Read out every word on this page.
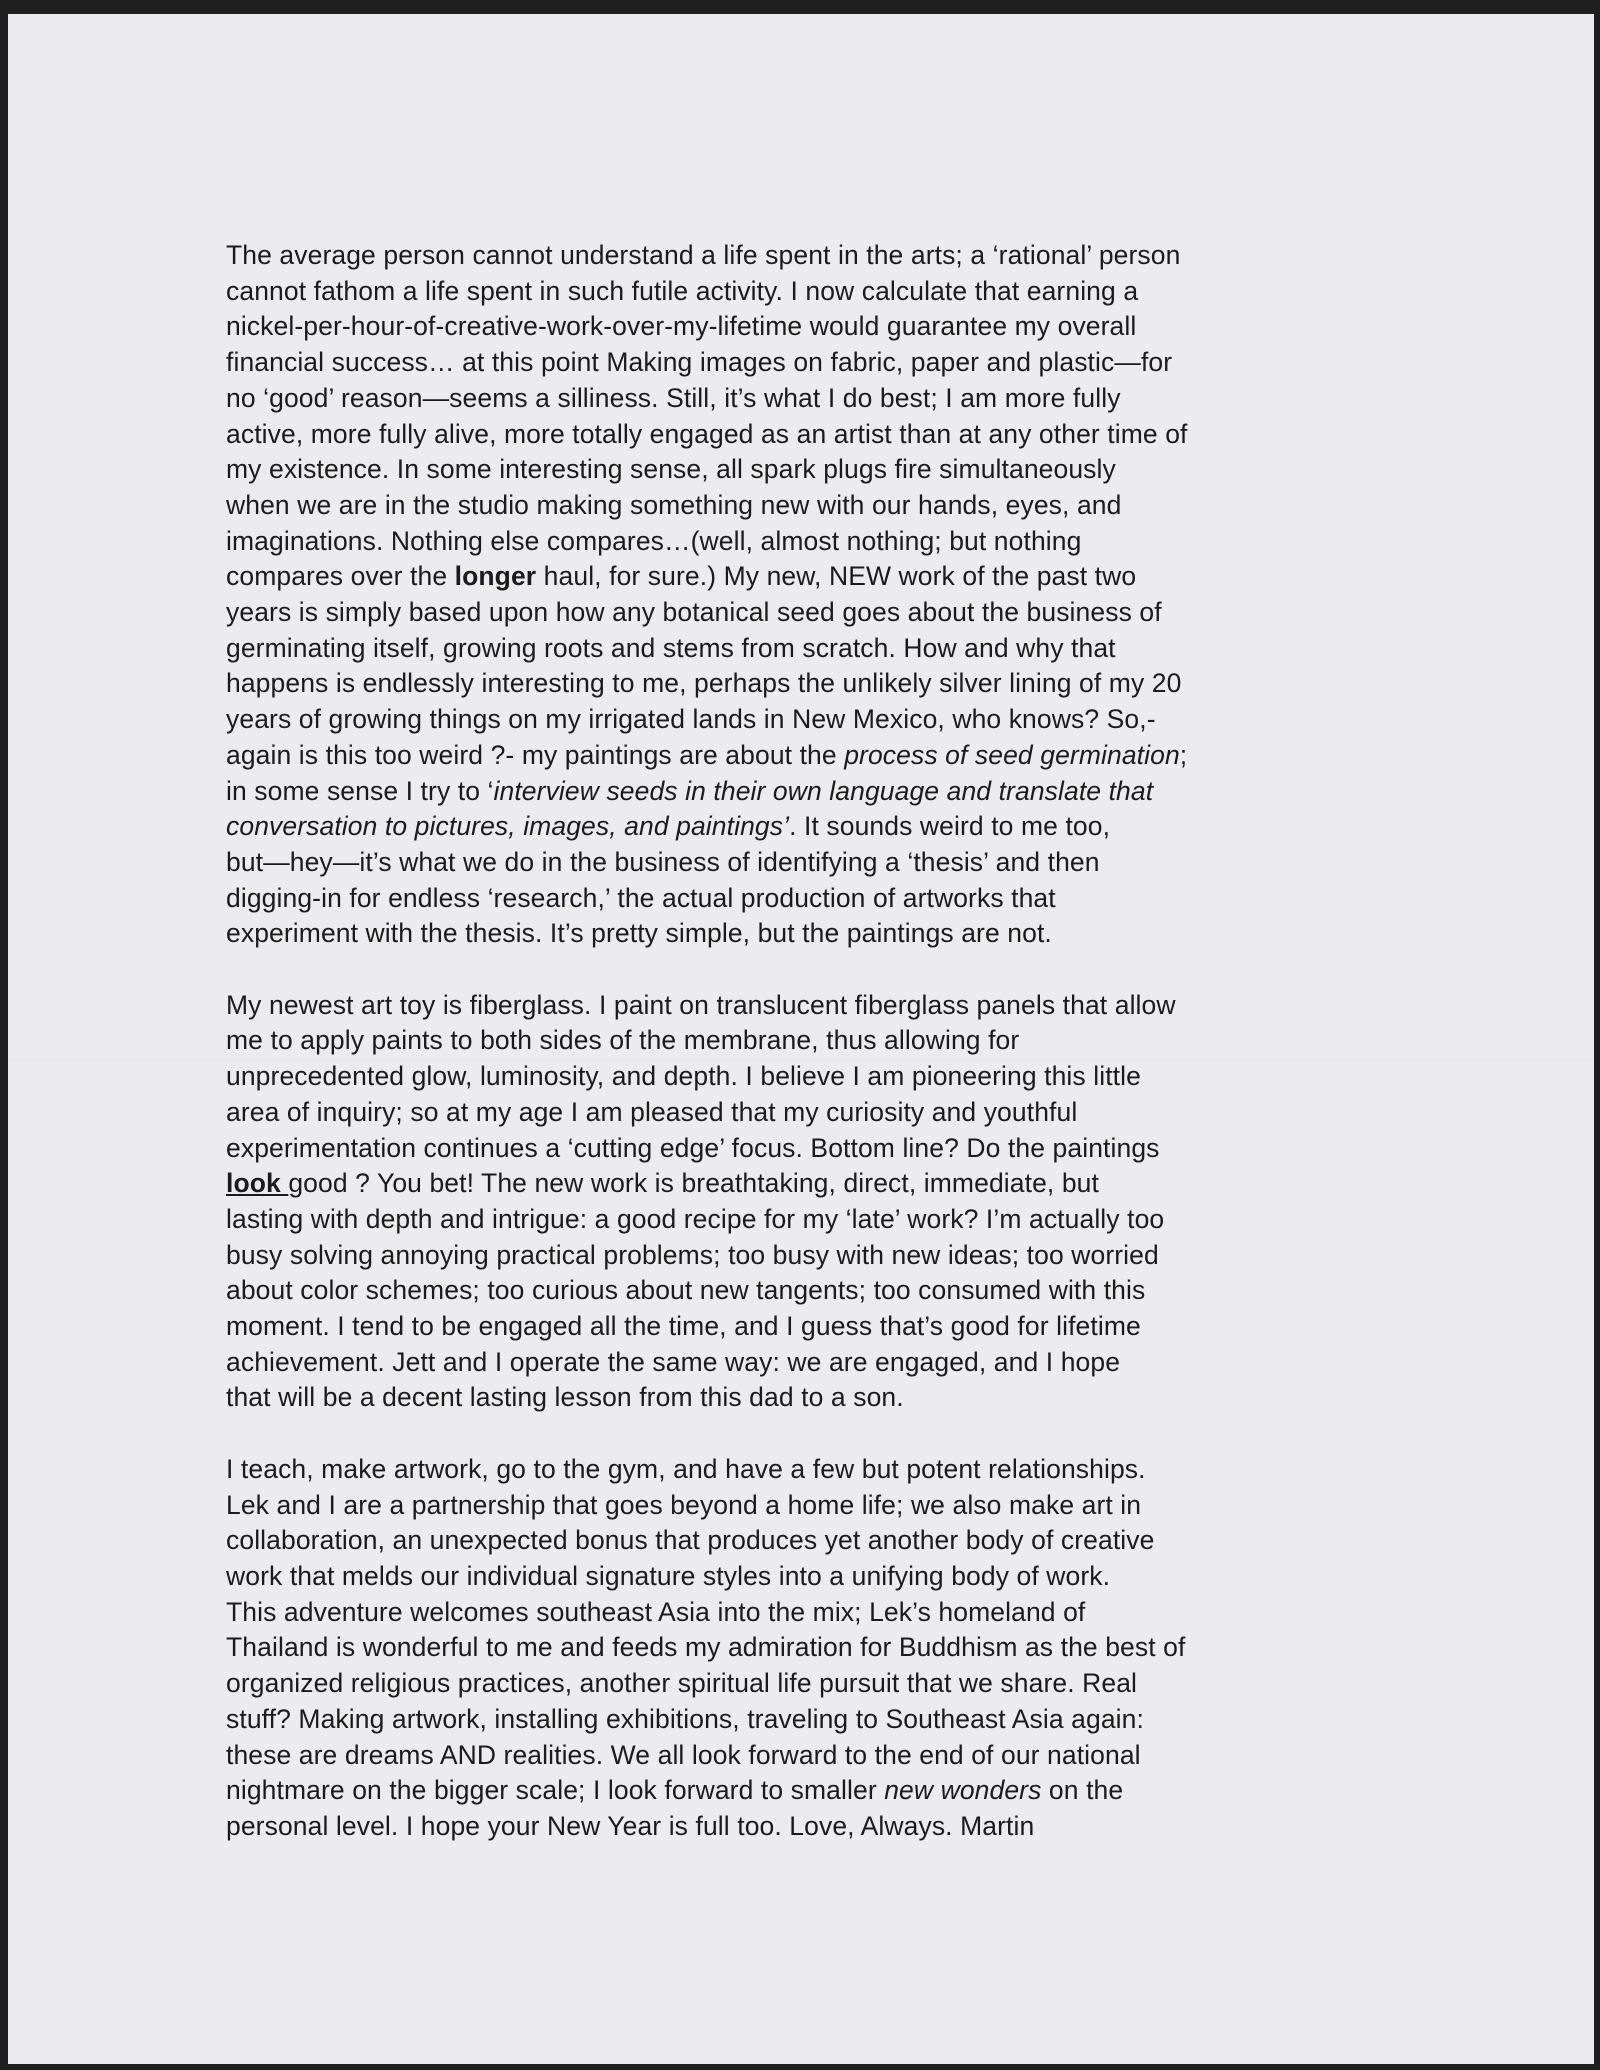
The average person cannot understand a life spent in the arts; a ‘rational’ person
cannot fathom a life spent in such futile activity. I now calculate that earning a
nickel-per-hour-of-creative-work-over-my-lifetime would guarantee my overall
financial success… at this point Making images on fabric, paper and plastic—for
no ‘good’ reason—seems a silliness. Still, it’s what I do best; I am more fully
active, more fully alive, more totally engaged as an artist than at any other time of
my existence. In some interesting sense, all spark plugs fire simultaneously
when we are in the studio making something new with our hands, eyes, and
imaginations. Nothing else compares…(well, almost nothing; but nothing
compares over the longer haul, for sure.) My new, NEW work of the past two
years is simply based upon how any botanical seed goes about the business of
germinating itself, growing roots and stems from scratch. How and why that
happens is endlessly interesting to me, perhaps the unlikely silver lining of my 20
years of growing things on my irrigated lands in New Mexico, who knows? So,-
again is this too weird ?- my paintings are about the process of seed germination;
in some sense I try to ‘interview seeds in their own language and translate that
conversation to pictures, images, and paintings’. It sounds weird to me too,
but—hey—it’s what we do in the business of identifying a ‘thesis’ and then
digging-in for endless ‘research,’ the actual production of artworks that
experiment with the thesis. It’s pretty simple, but the paintings are not.

My newest art toy is fiberglass. I paint on translucent fiberglass panels that allow
me to apply paints to both sides of the membrane, thus allowing for
unprecedented glow, luminosity, and depth. I believe I am pioneering this little
area of inquiry; so at my age I am pleased that my curiosity and youthful
experimentation continues a ‘cutting edge’ focus. Bottom line? Do the paintings
look good ? You bet! The new work is breathtaking, direct, immediate, but
lasting with depth and intrigue: a good recipe for my ‘late’ work? I’m actually too
busy solving annoying practical problems; too busy with new ideas; too worried
about color schemes; too curious about new tangents; too consumed with this
moment. I tend to be engaged all the time, and I guess that’s good for lifetime
achievement. Jett and I operate the same way: we are engaged, and I hope
that will be a decent lasting lesson from this dad to a son.

I teach, make artwork, go to the gym, and have a few but potent relationships.
Lek and I are a partnership that goes beyond a home life; we also make art in
collaboration, an unexpected bonus that produces yet another body of creative
work that melds our individual signature styles into a unifying body of work.
This adventure welcomes southeast Asia into the mix; Lek’s homeland of
Thailand is wonderful to me and feeds my admiration for Buddhism as the best of
organized religious practices, another spiritual life pursuit that we share. Real
stuff? Making artwork, installing exhibitions, traveling to Southeast Asia again:
these are dreams AND realities. We all look forward to the end of our national
nightmare on the bigger scale; I look forward to smaller new wonders on the
personal level. I hope your New Year is full too. Love, Always. Martin
